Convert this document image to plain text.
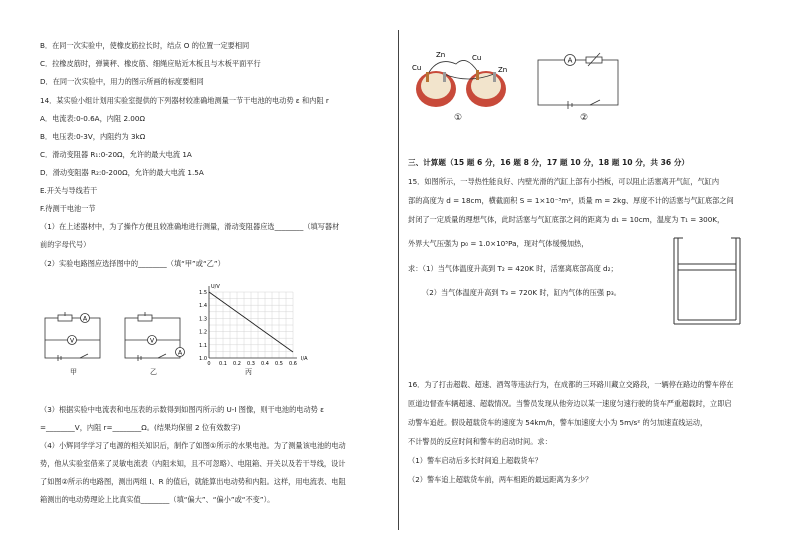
B．在同一次实验中，使橡皮筋拉长时，结点 O 的位置一定要相同
C．拉橡皮筋时，弹簧秤、橡皮筋、细绳应贴近木板且与木板平面平行
D．在同一次实验中，用力的图示所画的标度要相同
14．某实验小组计划用实验室提供的下列器材较准确地测量一节干电池的电动势 ε 和内阻 r
A．电流表:0-0.6A，内阻 2.00Ω
B．电压表:0-3V，内阻约为 3kΩ
C．滑动变阻器 R₁:0-20Ω，允许的最大电流 1A
D．滑动变阻器 R₂:0-200Ω，允许的最大电流 1.5A
E.开关与导线若干
F.待测干电池一节
（1）在上述器材中，为了操作方便且较准确地进行测量，滑动变阻器应选________（填写器材
前的字母代号）
（2）实验电路图应选择图中的________（填“甲”或“乙”）
A
V
甲
V
A
乙
1.5
1.4
1.3
1.2
1.1
1.0
0 0.1 0.2 0.3 0.4 0.5 0.6
U/V
I/A
丙
（3）根据实验中电流表和电压表的示数得到如图丙所示的 U-I 图像，则干电池的电动势 ε
=________V，内阻 r=________Ω。(结果均保留 2 位有效数字)
（4）小辉同学学习了电源的相关知识后，制作了如图①所示的水果电池。为了测量该电池的电动
势，他从实验室借来了灵敏电流表（内阻未知，且不可忽略）、电阻箱、开关以及若干导线，设计
了如图②所示的电路图，测出两组 I、R 的值后，就能算出电动势和内阻。这样，用电流表、电阻
箱测出的电动势理论上比真实值________（填“偏大”、“偏小”或“不变”）。
Cu
Zn	Cu
Zn
①
A
②
三、计算题（15 题 6 分，16 题 8 分，17 题 10 分，18 题 10 分，共 36 分）
15．如图所示，一导热性能良好、内壁光滑的汽缸上部有小挡板，可以阻止活塞离开气缸，气缸内
部的高度为 d = 18cm，横截面积 S = 1×10⁻³m²，质量 m = 2kg、厚度不计的活塞与气缸底部之间
封闭了一定质量的理想气体，此时活塞与气缸底部之间的距离为 d₁ = 10cm，温度为 T₁ = 300K，
外界大气压强为 p₀ = 1.0×10⁵Pa，现对气体缓慢加热，
求：（1）当气体温度升高到 T₂ = 420K 时，活塞离底部高度 d₂；
（2）当气体温度升高到 T₃ = 720K 时，缸内气体的压强 p₃。
16．为了打击超载、超速、酒驾等违法行为，在成都的三环路川藏立交路段，一辆停在路边的警车停在
匝道边督查车辆超速、超载情况。当警员发现从他旁边以某一速度匀速行驶的货车严重超载时，立即启
动警车追赶。假设超载货车的速度为 54km/h，警车加速度大小为 5m/s² 的匀加速直线运动，
不计警员的反应时间和警车的启动时间。求：
（1）警车启动后多长时间追上超载货车？
（2）警车追上超载货车前，两车相距的最远距离为多少？
